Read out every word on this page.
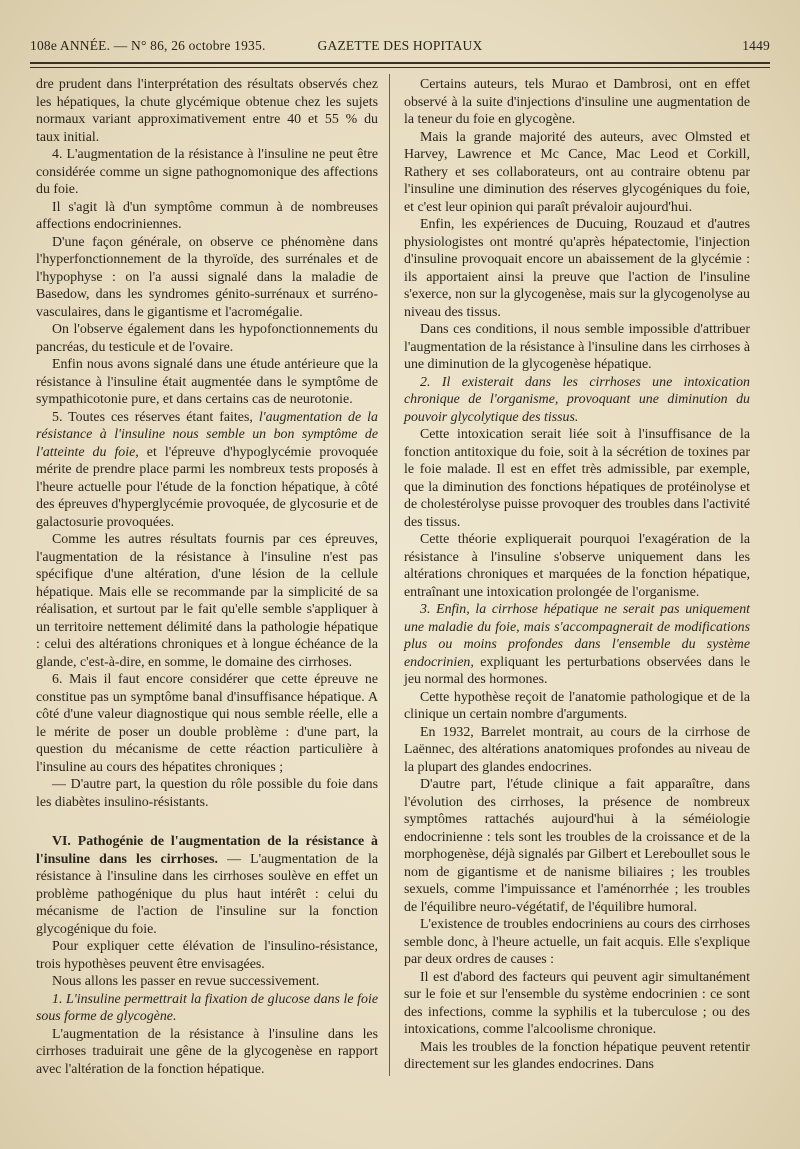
108e ANNÉE. — N° 86, 26 octobre 1935.	GAZETTE DES HOPITAUX	1449

dre prudent dans l'interprétation des résultats observés chez les hépatiques, la chute glycémique obtenue chez les sujets normaux variant approximativement entre 40 et 55 % du taux initial.

4. L'augmentation de la résistance à l'insuline ne peut être considérée comme un signe pathognomonique des affections du foie.

Il s'agit là d'un symptôme commun à de nombreuses affections endocriniennes.

D'une façon générale, on observe ce phénomène dans l'hyperfonctionnement de la thyroïde, des surrénales et de l'hypophyse : on l'a aussi signalé dans la maladie de Basedow, dans les syndromes génito-surrénaux et surréno-vasculaires, dans le gigantisme et l'acromégalie.

On l'observe également dans les hypofonctionnements du pancréas, du testicule et de l'ovaire.

Enfin nous avons signalé dans une étude antérieure que la résistance à l'insuline était augmentée dans le symptôme de sympathicotonie pure, et dans certains cas de neurotonie.

5. Toutes ces réserves étant faites, l'augmentation de la résistance à l'insuline nous semble un bon symptôme de l'atteinte du foie, et l'épreuve d'hypoglycémie provoquée mérite de prendre place parmi les nombreux tests proposés à l'heure actuelle pour l'étude de la fonction hépatique, à côté des épreuves d'hyperglycémie provoquée, de glycosurie et de galactosurie provoquées.

Comme les autres résultats fournis par ces épreuves, l'augmentation de la résistance à l'insuline n'est pas spécifique d'une altération, d'une lésion de la cellule hépatique. Mais elle se recommande par la simplicité de sa réalisation, et surtout par le fait qu'elle semble s'appliquer à un territoire nettement délimité dans la pathologie hépatique : celui des altérations chroniques et à longue échéance de la glande, c'est-à-dire, en somme, le domaine des cirrhoses.

6. Mais il faut encore considérer que cette épreuve ne constitue pas un symptôme banal d'insuffisance hépatique. A côté d'une valeur diagnostique qui nous semble réelle, elle a le mérite de poser un double problème : d'une part, la question du mécanisme de cette réaction particulière à l'insuline au cours des hépatites chroniques ;

— D'autre part, la question du rôle possible du foie dans les diabètes insulino-résistants.

VI. Pathogénie de l'augmentation de la résistance à l'insuline dans les cirrhoses. — L'augmentation de la résistance à l'insuline dans les cirrhoses soulève en effet un problème pathogénique du plus haut intérêt : celui du mécanisme de l'action de l'insuline sur la fonction glycogénique du foie.

Pour expliquer cette élévation de l'insulino-résistance, trois hypothèses peuvent être envisagées.

Nous allons les passer en revue successivement.

1. L'insuline permettrait la fixation de glucose dans le foie sous forme de glycogène.

L'augmentation de la résistance à l'insuline dans les cirrhoses traduirait une gêne de la glycogenèse en rapport avec l'altération de la fonction hépatique.

Certains auteurs, tels Murao et Dambrosi, ont en effet observé à la suite d'injections d'insuline une augmentation de la teneur du foie en glycogène.

Mais la grande majorité des auteurs, avec Olmsted et Harvey, Lawrence et Mc Cance, Mac Leod et Corkill, Rathery et ses collaborateurs, ont au contraire obtenu par l'insuline une diminution des réserves glycogéniques du foie, et c'est leur opinion qui paraît prévaloir aujourd'hui.

Enfin, les expériences de Ducuing, Rouzaud et d'autres physiologistes ont montré qu'après hépatectomie, l'injection d'insuline provoquait encore un abaissement de la glycémie : ils apportaient ainsi la preuve que l'action de l'insuline s'exerce, non sur la glycogenèse, mais sur la glycogenolyse au niveau des tissus.

Dans ces conditions, il nous semble impossible d'attribuer l'augmentation de la résistance à l'insuline dans les cirrhoses à une diminution de la glycogenèse hépatique.

2. Il existerait dans les cirrhoses une intoxication chronique de l'organisme, provoquant une diminution du pouvoir glycolytique des tissus.

Cette intoxication serait liée soit à l'insuffisance de la fonction antitoxique du foie, soit à la sécrétion de toxines par le foie malade. Il est en effet très admissible, par exemple, que la diminution des fonctions hépatiques de protéinolyse et de cholestérolyse puisse provoquer des troubles dans l'activité des tissus.

Cette théorie expliquerait pourquoi l'exagération de la résistance à l'insuline s'observe uniquement dans les altérations chroniques et marquées de la fonction hépatique, entraînant une intoxication prolongée de l'organisme.

3. Enfin, la cirrhose hépatique ne serait pas uniquement une maladie du foie, mais s'accompagnerait de modifications plus ou moins profondes dans l'ensemble du système endocrinien, expliquant les perturbations observées dans le jeu normal des hormones.

Cette hypothèse reçoit de l'anatomie pathologique et de la clinique un certain nombre d'arguments.

En 1932, Barrelet montrait, au cours de la cirrhose de Laënnec, des altérations anatomiques profondes au niveau de la plupart des glandes endocrines.

D'autre part, l'étude clinique a fait apparaître, dans l'évolution des cirrhoses, la présence de nombreux symptômes rattachés aujourd'hui à la séméiologie endocrinienne : tels sont les troubles de la croissance et de la morphogenèse, déjà signalés par Gilbert et Lereboullet sous le nom de gigantisme et de nanisme biliaires ; les troubles sexuels, comme l'impuissance et l'aménorrhée ; les troubles de l'équilibre neuro-végétatif, de l'équilibre humoral.

L'existence de troubles endocriniens au cours des cirrhoses semble donc, à l'heure actuelle, un fait acquis. Elle s'explique par deux ordres de causes :

Il est d'abord des facteurs qui peuvent agir simultanément sur le foie et sur l'ensemble du système endocrinien : ce sont des infections, comme la syphilis et la tuberculose ; ou des intoxications, comme l'alcoolisme chronique.

Mais les troubles de la fonction hépatique peuvent retentir directement sur les glandes endocrines. Dans
